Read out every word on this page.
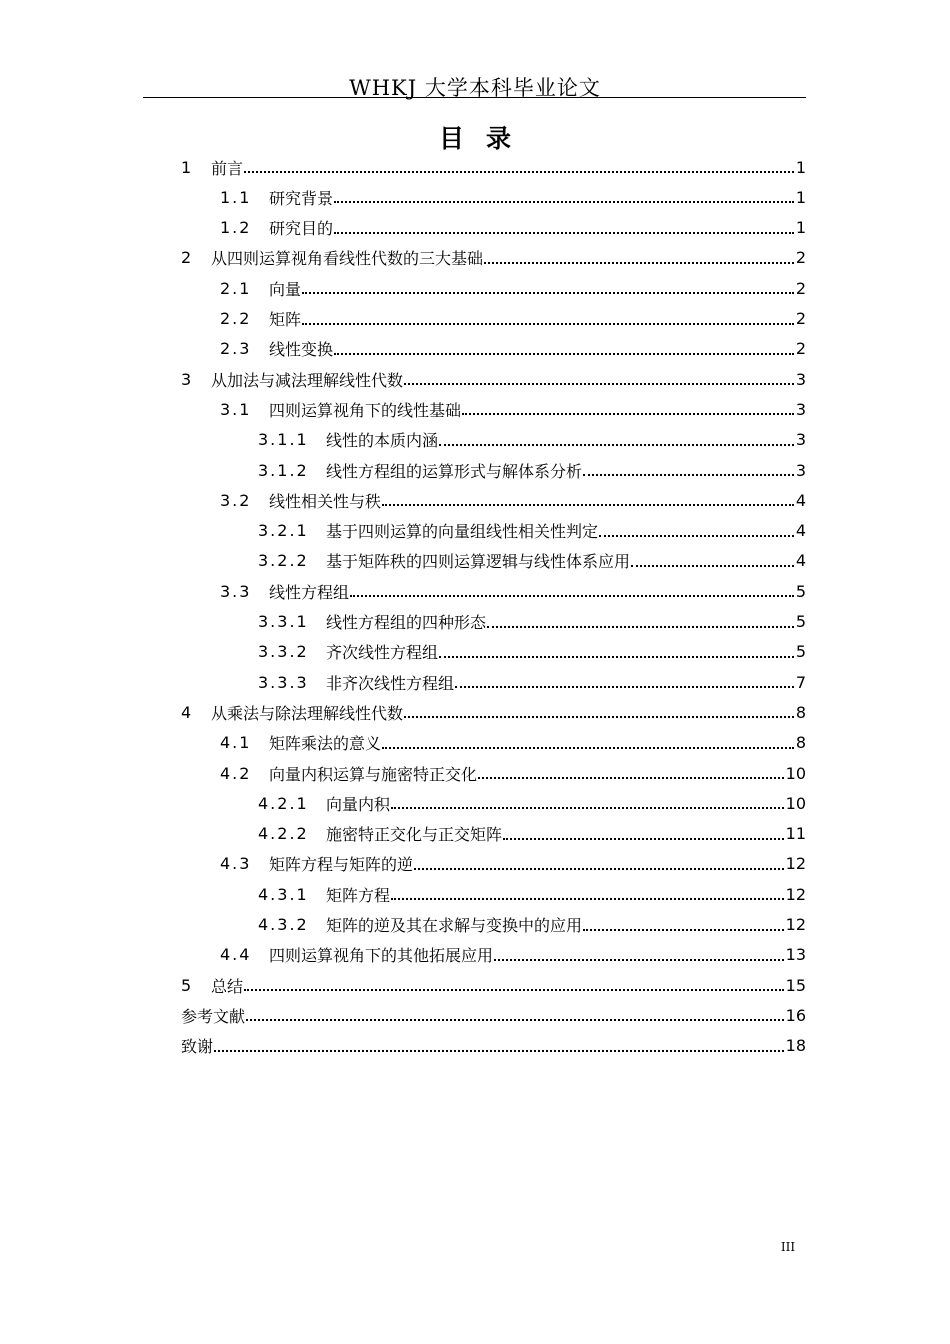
WHKJ 大学本科毕业论文
目录
1	前言	1
1.1	研究背景	1
1.2	研究目的	1
2	从四则运算视角看线性代数的三大基础	2
2.1	向量	2
2.2	矩阵	2
2.3	线性变换	2
3	从加法与减法理解线性代数	3
3.1	四则运算视角下的线性基础	3
3.1.1	线性的本质内涵	3
3.1.2	线性方程组的运算形式与解体系分析	3
3.2	线性相关性与秩	4
3.2.1	基于四则运算的向量组线性相关性判定	4
3.2.2	基于矩阵秩的四则运算逻辑与线性体系应用	4
3.3	线性方程组	5
3.3.1	线性方程组的四种形态	5
3.3.2	齐次线性方程组	5
3.3.3	非齐次线性方程组	7
4	从乘法与除法理解线性代数	8
4.1	矩阵乘法的意义	8
4.2	向量内积运算与施密特正交化	10
4.2.1	向量内积	10
4.2.2	施密特正交化与正交矩阵	11
4.3	矩阵方程与矩阵的逆	12
4.3.1	矩阵方程	12
4.3.2	矩阵的逆及其在求解与变换中的应用	12
4.4	四则运算视角下的其他拓展应用	13
5	总结	15
参考文献	16
致谢	18
III
